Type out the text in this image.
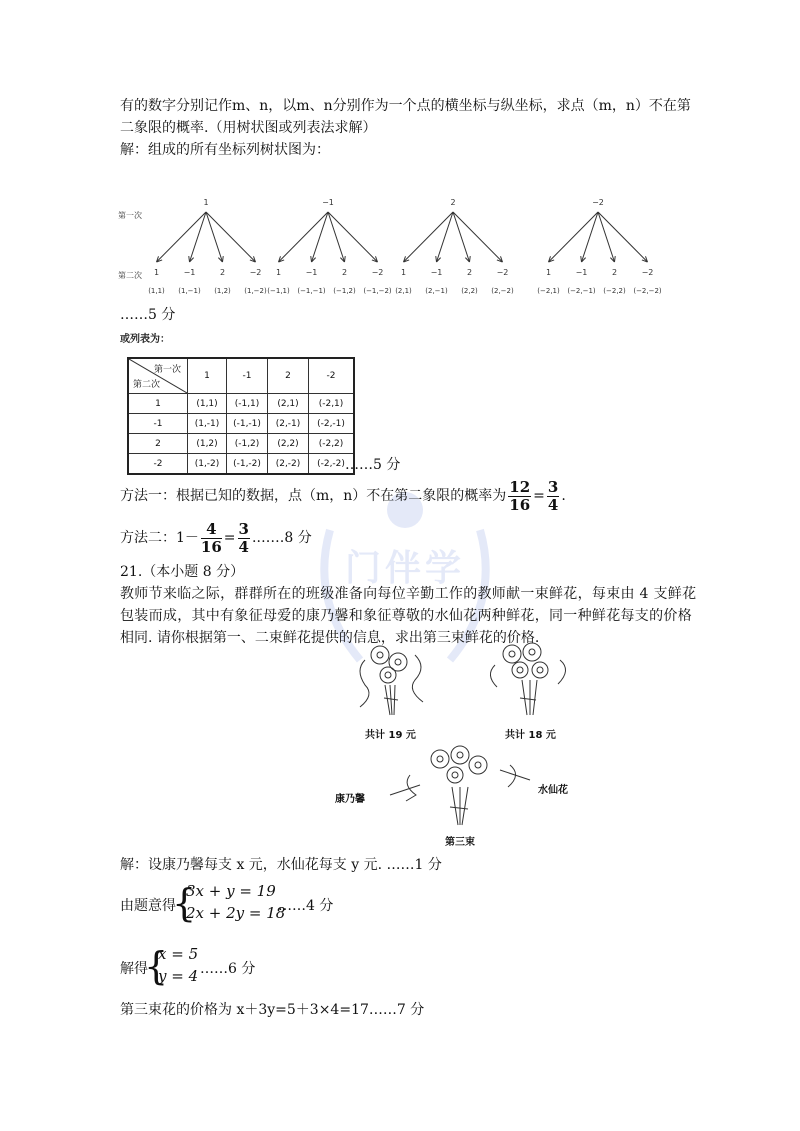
门伴学
有的数字分别记作m、n，以m、n分别作为一个点的横坐标与纵坐标，求点（m，n）不在第
二象限的概率.（用树状图或列表法求解）
解：组成的所有坐标列树状图为：
第一次
第二次
1
1
(1,1)
−1
(1,−1)
2
(1,2)
−2
(1,−2)
−1
1
(−1,1)
−1
(−1,−1)
2
(−1,2)
−2
(−1,−2)
2
1
(2,1)
−1
(2,−1)
2
(2,2)
−2
(2,−2)
−2
1
(−2,1)
−1
(−2,−1)
2
(−2,2)
−2
(−2,−2)
……5 分
或列表为：
第一次
第二次	1	-1	2	-2
1	(1,1)	(-1,1)	(2,1)	(-2,1)
-1	(1,-1)	(-1,-1)	(2,-1)	(-2,-1)
2	(1,2)	(-1,2)	(2,2)	(-2,2)
-2	(1,-2)	(-1,-2)	(2,-2)	(-2,-2) ……5 分
方法一：根据已知的数据，点（m，n）不在第二象限的概率为 $\frac{12}{16} = \frac{3}{4}$ .
方法二：$1- \frac{4}{16} = \frac{3}{4}$ .……8 分
21.（本小题 8 分）
教师节来临之际，群群所在的班级准备向每位辛勤工作的教师献一束鲜花，每束由 4 支鲜花
包装而成，其中有象征母爱的康乃馨和象征尊敬的水仙花两种鲜花，同一种鲜花每支的价格
相同. 请你根据第一、二束鲜花提供的信息，求出第三束鲜花的价格.
共计 19 元	共计 18 元
康乃馨
水仙花
第三束
解：设康乃馨每支 x 元，水仙花每支 y 元. ……1 分
由题意得
{
3x + y = 19
2x + 2y = 18
……4 分
解得
{
x = 5
y = 4 ……6 分
第三束花的价格为 x＋3y=5＋3×4=17……7 分
